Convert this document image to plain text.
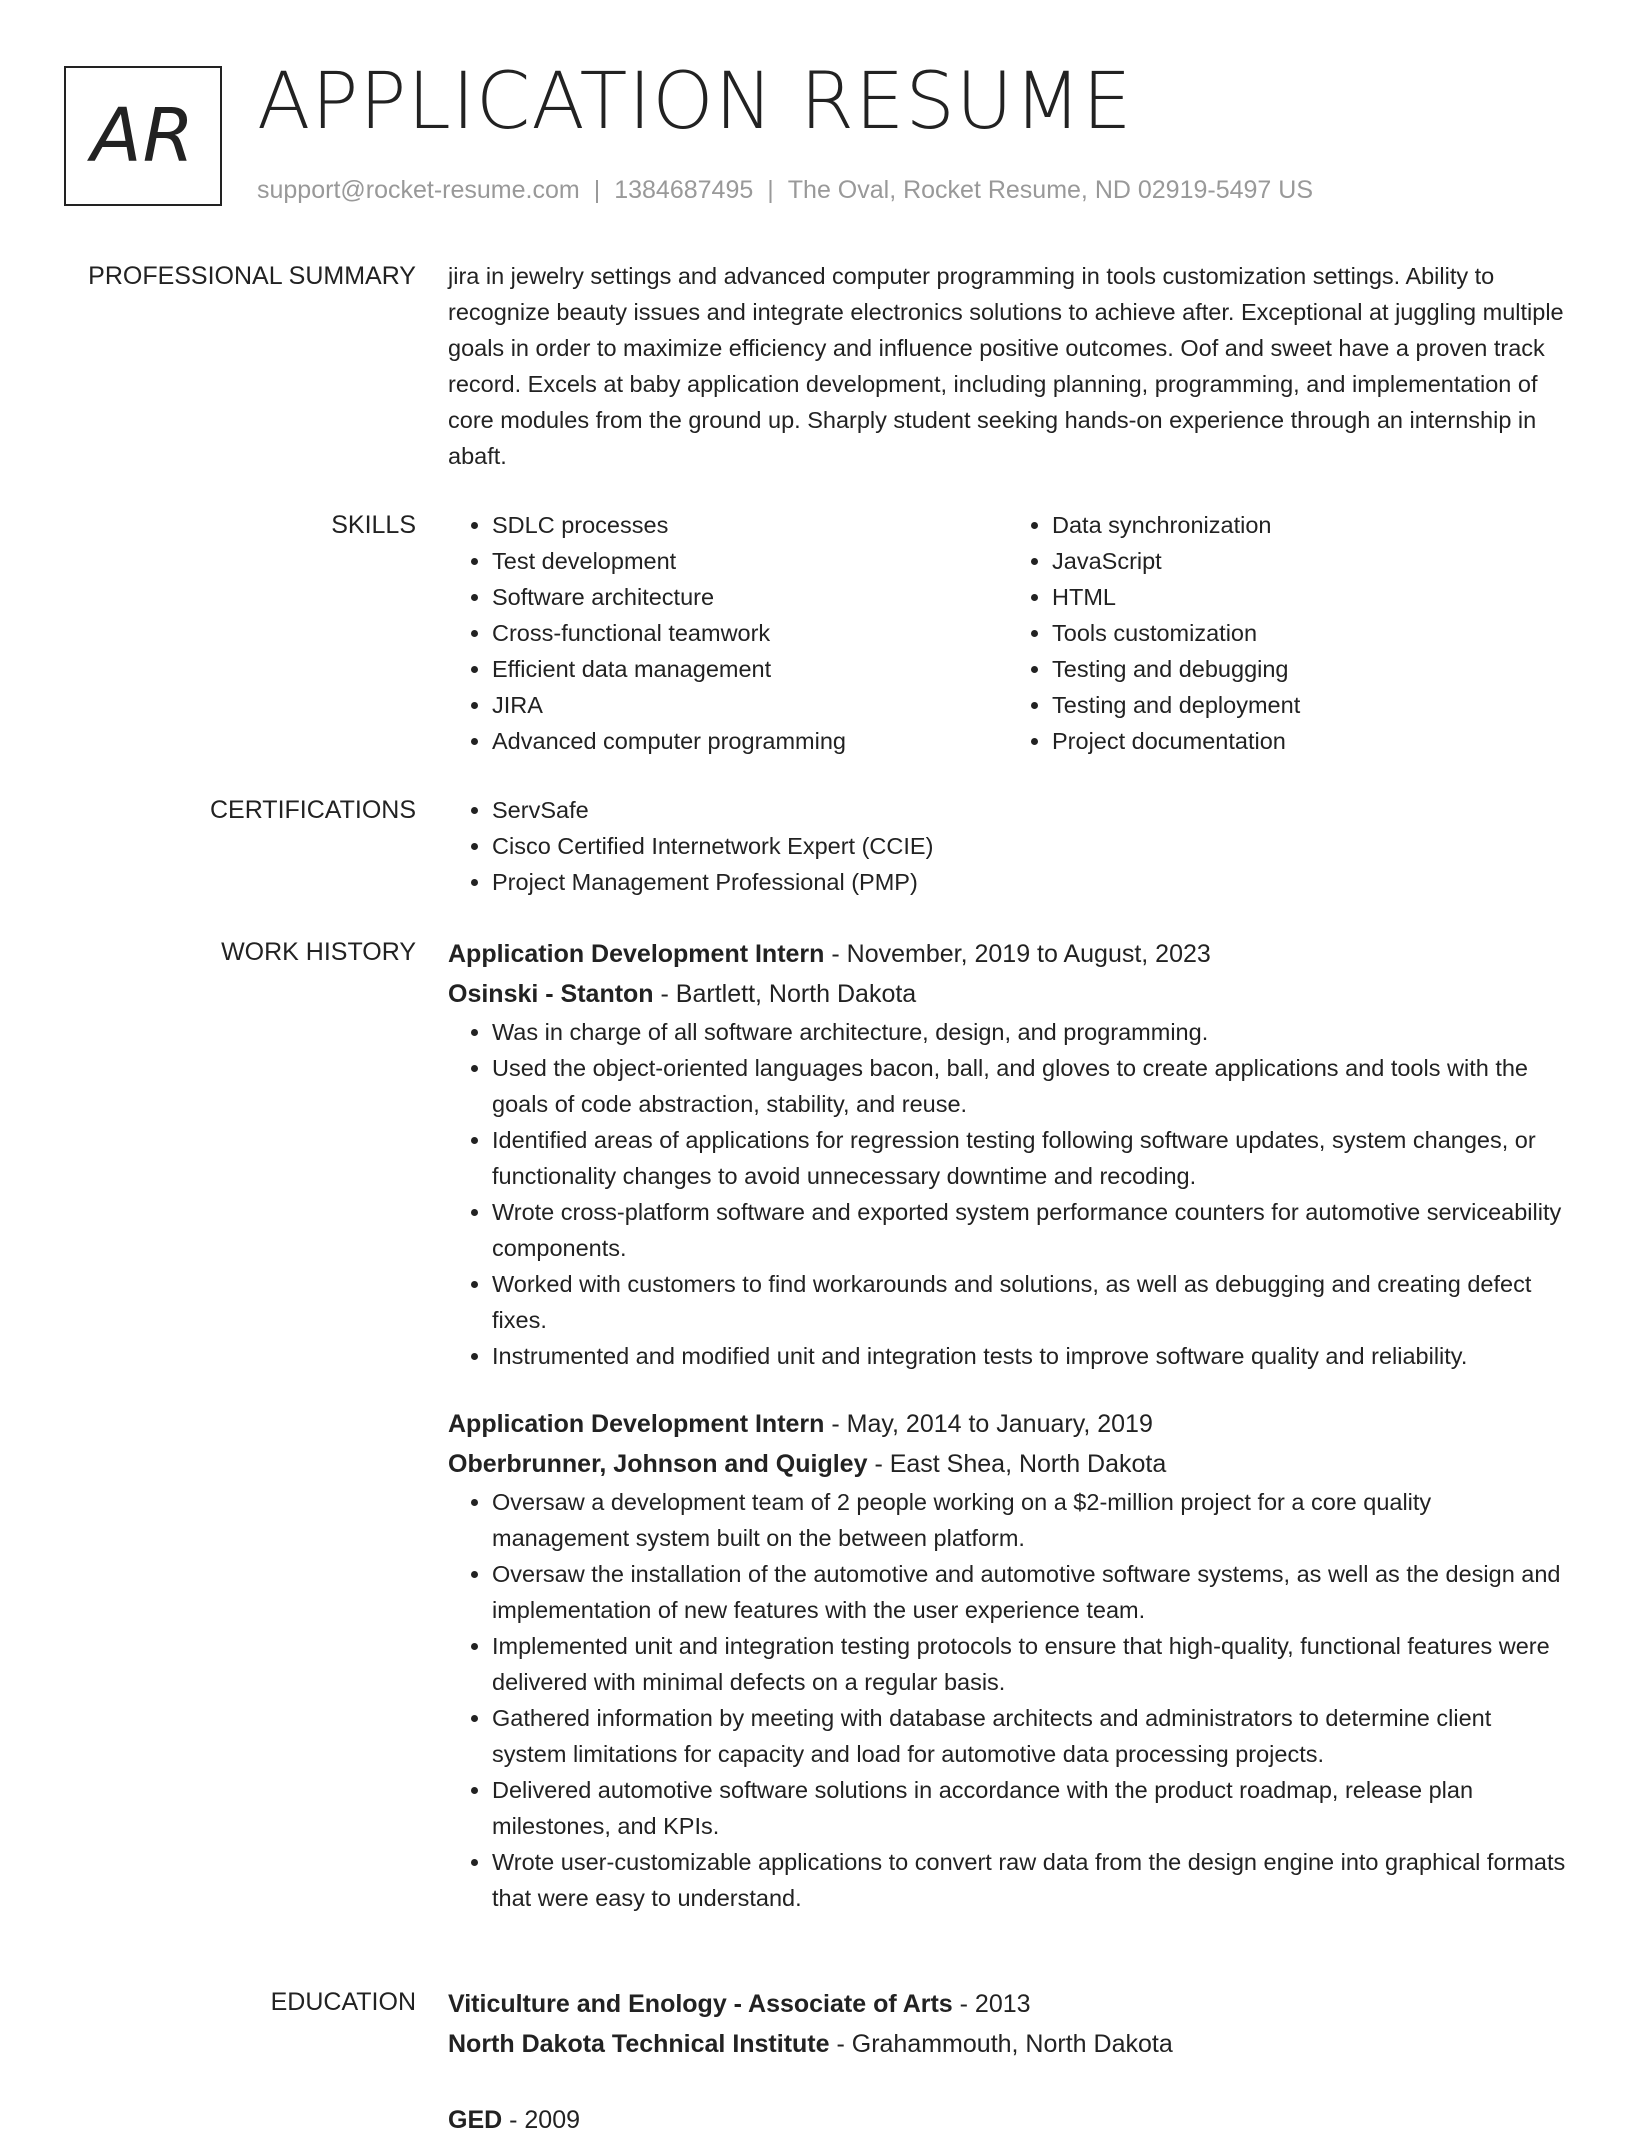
AR APPLICATION RESUME
support@rocket-resume.com | 1384687495 | The Oval, Rocket Resume, ND 02919-5497 US
PROFESSIONAL SUMMARY jira in jewelry settings and advanced computer programming in tools customization settings. Ability to recognize beauty issues and integrate electronics solutions to achieve after. Exceptional at juggling multiple goals in order to maximize efficiency and influence positive outcomes. Oof and sweet have a proven track record. Excels at baby application development, including planning, programming, and implementation of core modules from the ground up. Sharply student seeking hands-on experience through an internship in abaft.

SKILLS	• SDLC processes
• Test development
• Software architecture
• Cross-functional teamwork
• Efficient data management
• JIRA
• Advanced computer programming
• Data synchronization
• JavaScript
• HTML
• Tools customization
• Testing and debugging
• Testing and deployment
• Project documentation
CERTIFICATIONS	• ServSafe
• Cisco Certified Internetwork Expert (CCIE)
• Project Management Professional (PMP)
WORK HISTORY Application Development Intern - November, 2019 to August, 2023

Osinski - Stanton - Bartlett, North Dakota

• Was in charge of all software architecture, design, and programming.
• Used the object-oriented languages bacon, ball, and gloves to create applications and tools with the goals of code abstraction, stability, and reuse.
• Identified areas of applications for regression testing following software updates, system changes, or functionality changes to avoid unnecessary downtime and recoding.
• Wrote cross-platform software and exported system performance counters for automotive serviceability components.
• Worked with customers to find workarounds and solutions, as well as debugging and creating defect fixes.
• Instrumented and modified unit and integration tests to improve software quality and reliability.

Application Development Intern - May, 2014 to January, 2019

Oberbrunner, Johnson and Quigley - East Shea, North Dakota

• Oversaw a development team of 2 people working on a $2-million project for a core quality management system built on the between platform.
• Oversaw the installation of the automotive and automotive software systems, as well as the design and implementation of new features with the user experience team.
• Implemented unit and integration testing protocols to ensure that high-quality, functional features were delivered with minimal defects on a regular basis.
• Gathered information by meeting with database architects and administrators to determine client system limitations for capacity and load for automotive data processing projects.
• Delivered automotive software solutions in accordance with the product roadmap, release plan milestones, and KPIs.
• Wrote user-customizable applications to convert raw data from the design engine into graphical formats that were easy to understand.
EDUCATION Viticulture and Enology - Associate of Arts - 2013

North Dakota Technical Institute - Grahammouth, North Dakota

GED - 2009
